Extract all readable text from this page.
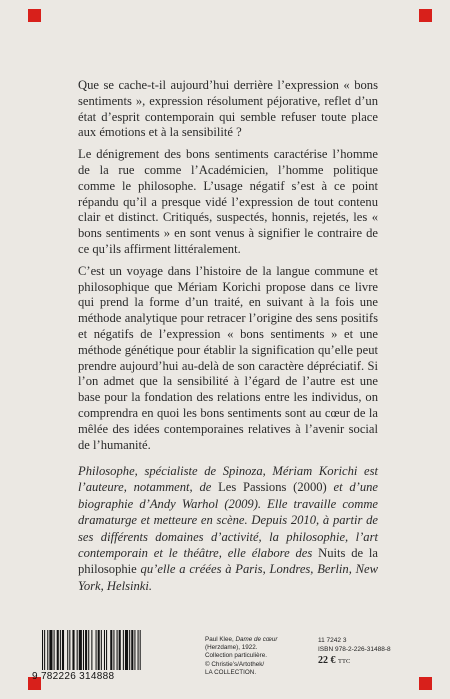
Que se cache-t-il aujourd’hui derrière l’expression « bons sentiments », expression résolument péjorative, reflet d’un état d’esprit contemporain qui semble refuser toute place aux émotions et à la sensibilité ?

Le dénigrement des bons sentiments caractérise l’homme de la rue comme l’Académicien, l’homme politique comme le philosophe. L’usage négatif s’est à ce point répandu qu’il a presque vidé l’expression de tout contenu clair et distinct. Critiqués, suspectés, honnis, rejetés, les « bons sentiments » en sont venus à signifier le contraire de ce qu’ils affirment littéralement.

C’est un voyage dans l’histoire de la langue commune et philosophique que Mériam Korichi propose dans ce livre qui prend la forme d’un traité, en suivant à la fois une méthode analytique pour retracer l’origine des sens positifs et négatifs de l’expression « bons sentiments » et une méthode génétique pour établir la signification qu’elle peut prendre aujourd’hui au-delà de son caractère dépréciatif. Si l’on admet que la sensibilité à l’égard de l’autre est une base pour la fondation des relations entre les individus, on comprendra en quoi les bons sentiments sont au cœur de la mêlée des idées contemporaines relatives à l’avenir social de l’humanité.

Philosophe, spécialiste de Spinoza, Mériam Korichi est l’auteure, notamment, de Les Passions (2000) et d’une biographie d’Andy Warhol (2009). Elle travaille comme dramaturge et metteure en scène. Depuis 2010, à partir de ses différents domaines d’activité, la philosophie, l’art contemporain et le théâtre, elle élabore des Nuits de la philosophie qu’elle a créées à Paris, Londres, Berlin, New York, Helsinki.
9 782226 314888
Paul Klee, Dame de cœur
(Herzdame), 1922.
Collection particulière.
© Christie’s/Artothek/
LA COLLECTION.
11 7242 3
ISBN 978-2-226-31488-8
22 € TTC
